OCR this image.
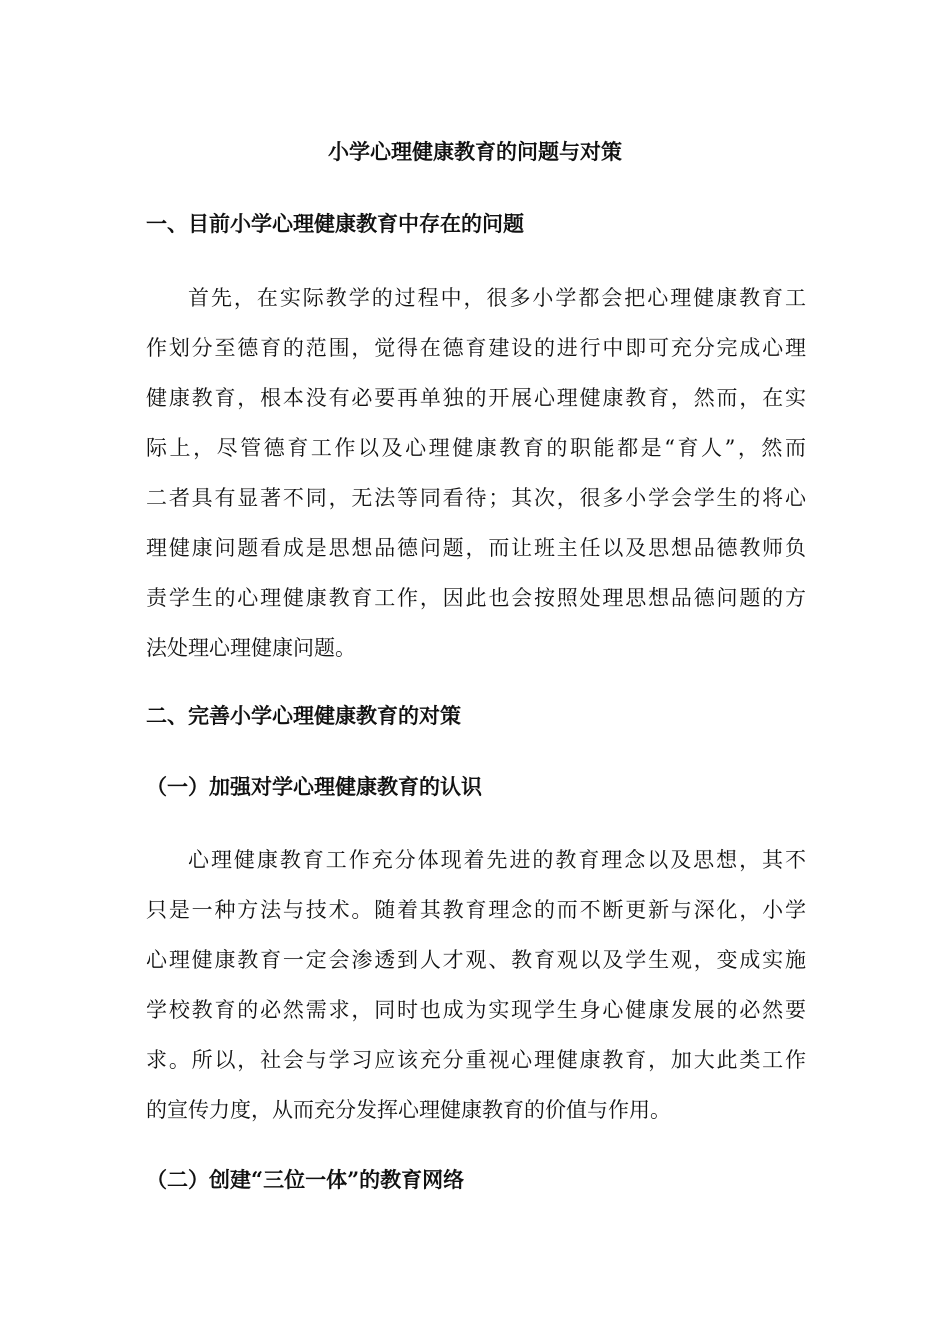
小学心理健康教育的问题与对策
一、目前小学心理健康教育中存在的问题
首先，在实际教学的过程中，很多小学都会把心理健康教育工
作划分至德育的范围，觉得在德育建设的进行中即可充分完成心理
健康教育，根本没有必要再单独的开展心理健康教育，然而，在实
际上，尽管德育工作以及心理健康教育的职能都是“育人”，然而
二者具有显著不同，无法等同看待；其次，很多小学会学生的将心
理健康问题看成是思想品德问题，而让班主任以及思想品德教师负
责学生的心理健康教育工作，因此也会按照处理思想品德问题的方
法处理心理健康问题。
二、完善小学心理健康教育的对策
（一）加强对学心理健康教育的认识
心理健康教育工作充分体现着先进的教育理念以及思想，其不
只是一种方法与技术。随着其教育理念的而不断更新与深化，小学
心理健康教育一定会渗透到人才观、教育观以及学生观，变成实施
学校教育的必然需求，同时也成为实现学生身心健康发展的必然要
求。所以，社会与学习应该充分重视心理健康教育，加大此类工作
的宣传力度，从而充分发挥心理健康教育的价值与作用。
（二）创建“三位一体”的教育网络
